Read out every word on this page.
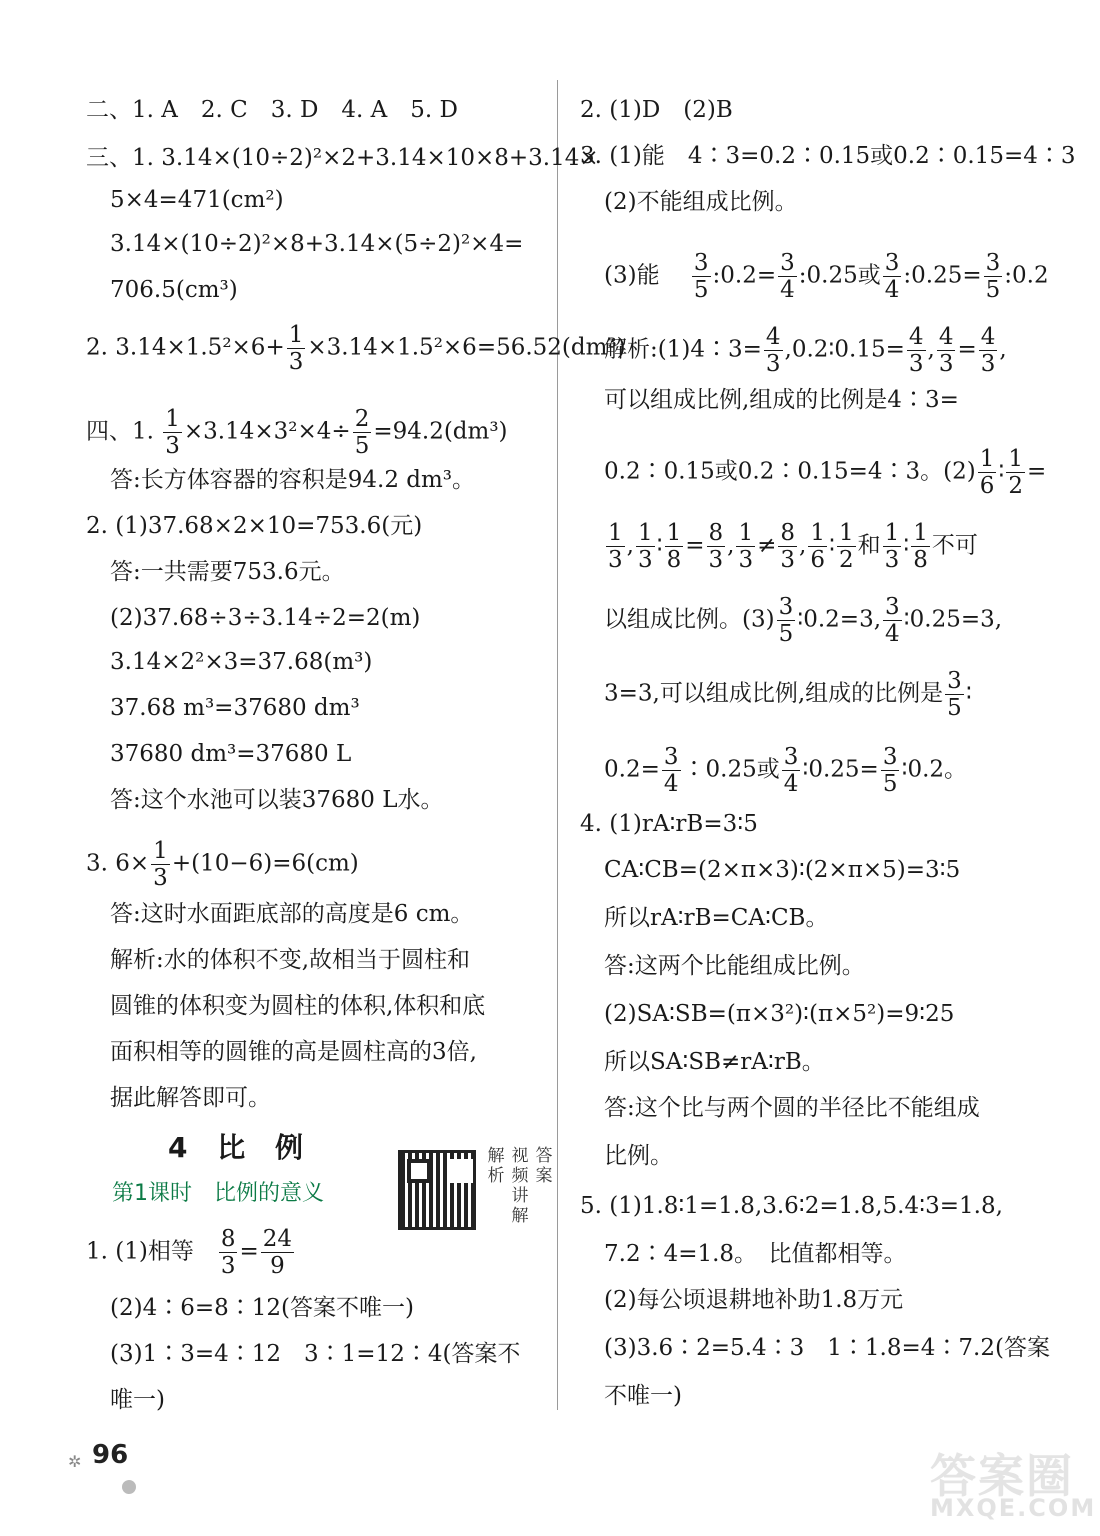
二、1. A　2. C　3. D　4. A　5. D
三、1. 3.14×(10÷2)²×2+3.14×10×8+3.14×
5×4=471(cm²)
3.14×(10÷2)²×8+3.14×(5÷2)²×4=
706.5(cm³)
2. $3.14\times 1.5^2\times 6+ \frac{1}{3} \times 3.14\times 1.5^2\times 6=56.52(dm^3)$
四、1. $\frac{1}{3} \times 3.14\times 3^2\times 4\div \frac{2}{5} =94.2(dm^3)$
答:长方体容器的容积是94.2 dm³。
2. (1)37.68×2×10=753.6(元)
答:一共需要753.6元。
(2)37.68÷3÷3.14÷2=2(m)
3.14×2²×3=37.68(m³)
37.68 m³=37680 dm³
37680 dm³=37680 L
答:这个水池可以装37680 L水。
3. $6\times \frac{1}{3} +(10-6)=6(cm)$
答:这时水面距底部的高度是6 cm。
解析:水的体积不变,故相当于圆柱和
圆锥的体积变为圆柱的体积,体积和底
面积相等的圆锥的高是圆柱高的3倍,
据此解答即可。
4 比 例
第1课时　比例的意义
解析
视频讲解
答案
1. (1)相等　 $\frac{8}{3} = \frac{24}{9}$
(2)4∶6=8∶12(答案不唯一)
(3)1∶3=4∶12　3∶1=12∶4(答案不
唯一)
2. (1)D　(2)B
3. (1)能　4∶3=0.2∶0.15或0.2∶0.15=4∶3
(2)不能组成比例。
(3)能　 $\frac{3}{5}$ :0.2= $\frac{3}{4}$ :0.25或 $\frac{3}{4}$ :0.25= $\frac{3}{5}$ :0.2
解析:(1)4∶3= $\frac{4}{3}$ ,0.2∶0.15= $\frac{4}{3}$ , $\frac{4}{3} = \frac{4}{3}$ ,
可以组成比例,组成的比例是4∶3=
0.2∶0.15或0.2∶0.15=4∶3。$(2) \frac{1}{6}$ ∶ $\frac{1}{2}$ =
$\frac{1}{3}$ , $\frac{1}{3}$ ∶ $\frac{1}{8} = \frac{8}{3}$ , $\frac{1}{3} \ne \frac{8}{3}$ , $\frac{1}{6}$ ∶ $\frac{1}{2}$ 和 $\frac{1}{3}$ ∶ $\frac{1}{8}$ 不可
以组成比例。$(3) \frac{3}{5}$ ∶0.2=3, $\frac{3}{4}$ ∶0.25=3,
3=3,可以组成比例,组成的比例是 $\frac{3}{5}$ ∶
$0.2= \frac{3}{4}$ ∶0.25或 $\frac{3}{4}$ ∶0.25= $\frac{3}{5}$ ∶0.2。
4. (1)rA∶rB=3∶5
CA∶CB=(2×π×3)∶(2×π×5)=3∶5
所以rA∶rB=CA∶CB。
答:这两个比能组成比例。
(2)SA∶SB=(π×3²)∶(π×5²)=9∶25
所以SA∶SB≠rA∶rB。
答:这个比与两个圆的半径比不能组成
比例。
5. (1)1.8∶1=1.8,3.6∶2=1.8,5.4∶3=1.8,
7.2∶4=1.8。　比值都相等。
(2)每公顷退耕地补助1.8万元
(3)3.6∶2=5.4∶3　1∶1.8=4∶7.2(答案
不唯一)
✲ 96	答案圈
MXQE.COM
